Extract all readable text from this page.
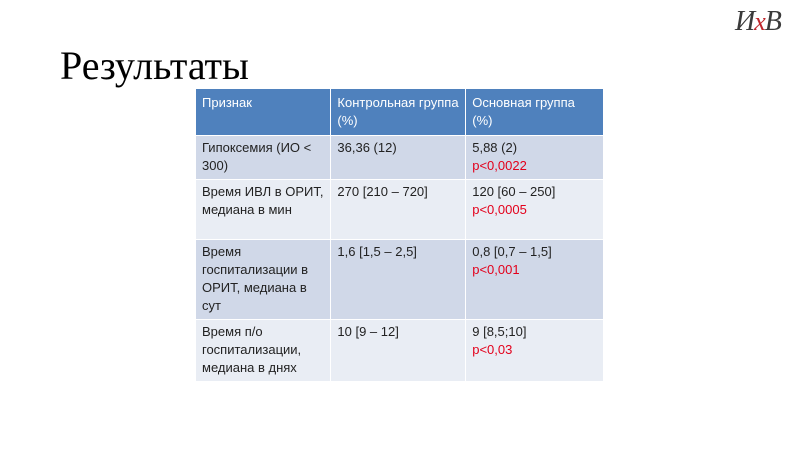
ИxВ
Результаты
Признак	Контрольная группа (%)	Основная группа (%)
Гипоксемия (ИО < 300)	36,36 (12)	5,88 (2)
p<0,0022

Время ИВЛ в ОРИТ, медиана в мин	270 [210 – 720]	120 [60 – 250]
p<0,0005

Время госпитализации в ОРИТ, медиана в сут	1,6 [1,5 – 2,5]	0,8 [0,7 – 1,5]
p<0,001

Время п/о госпитализации, медиана в днях	10 [9 – 12]	9 [8,5;10]
p<0,03
